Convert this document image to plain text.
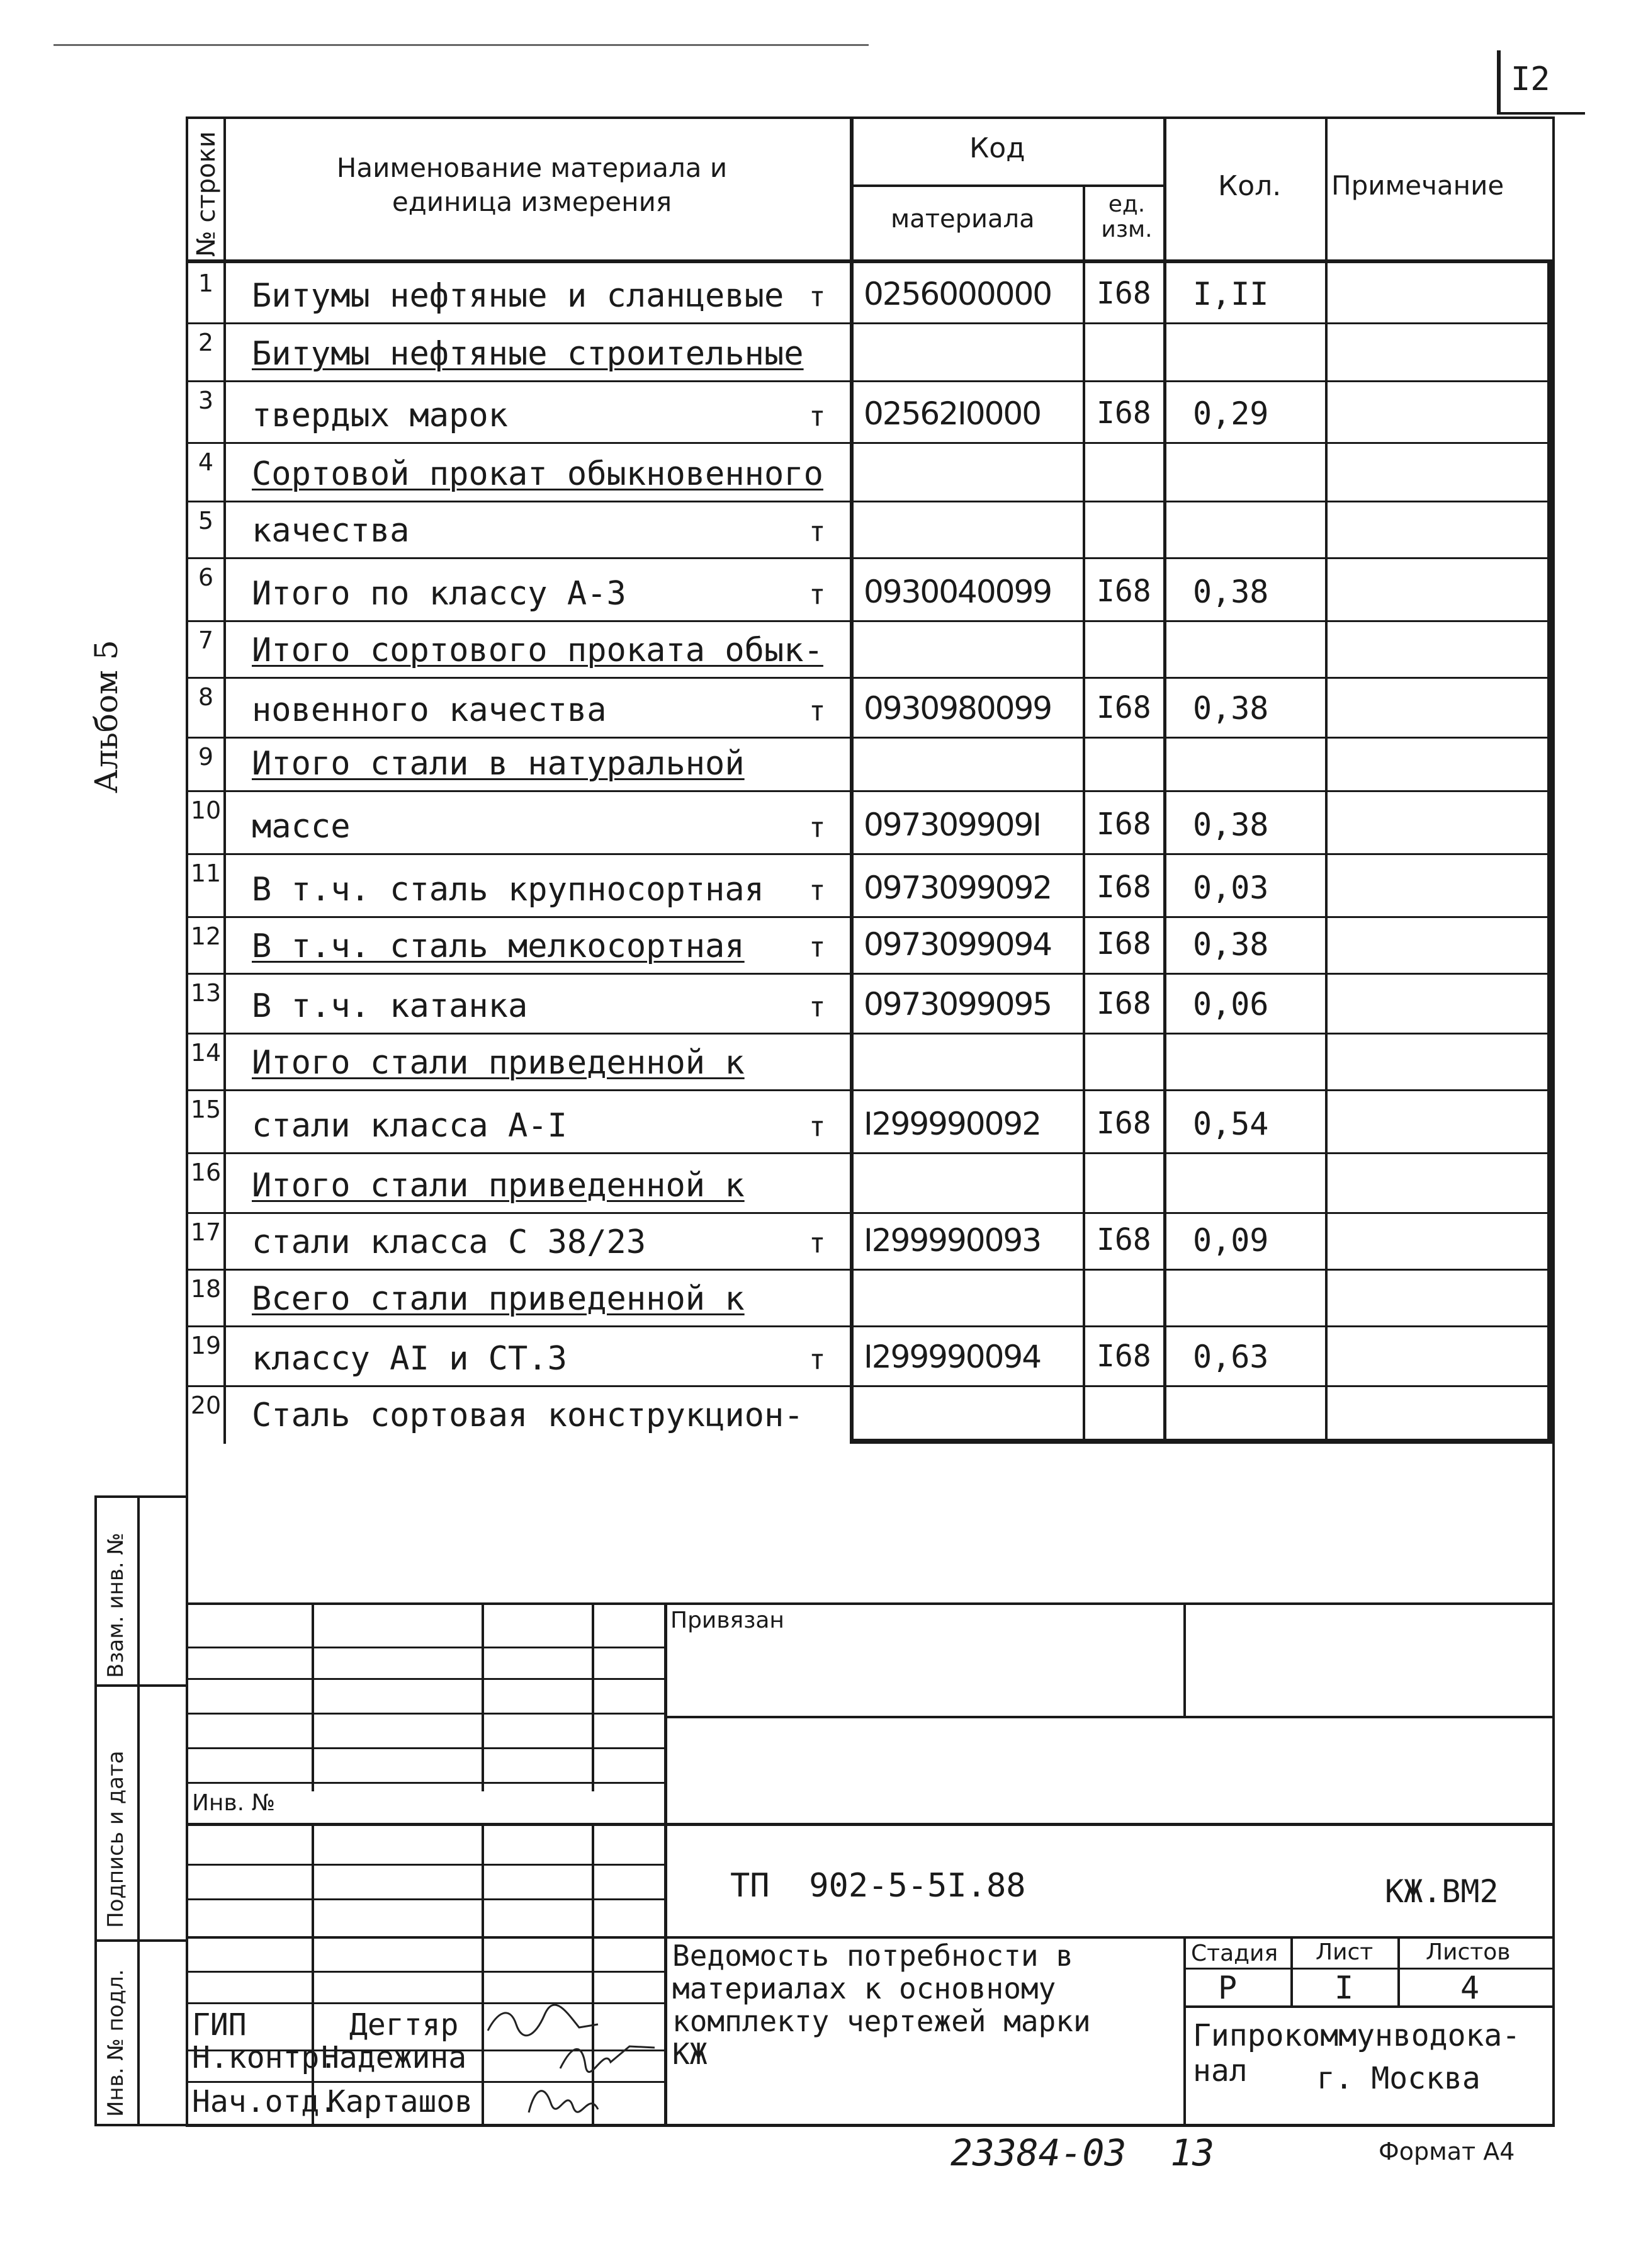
I2
Альбом 5
№ строки	Наименование материала и единица измерения
Код
материала
ед. изм.
Кол. Примечание
1 Битумы нефтяные и сланцевые т 0256000000 I68 I,II
2 Битумы нефтяные строительные
3 твердых марок	т 02562I0000 I68 0,29
4 Сортовой прокат обыкновенного
5 качества	т
6 Итого по классу А-3	т 0930040099 I68 0,38
7 Итого сортового проката обык-
8 новенного качества	т 0930980099 I68 0,38
9 Итого стали в натуральной
10 массе	т 097309909I I68 0,38
11 В т.ч. сталь крупносортная т 0973099092 I68 0,03
12 В т.ч. сталь мелкосортная т 0973099094 I68 0,38
13 В т.ч. катанка	т 0973099095 I68 0,06
14 Итого стали приведенной к
15 стали класса А-I	т I299990092 I68 0,54
16 Итого стали приведенной к
17 стали класса С 38/23	т I299990093 I68 0,09
18 Всего стали приведенной к
19 классу АI и СТ.3	т I299990094 I68 0,63
20 Сталь сортовая конструкцион-
Взам. инв. №
Подпись и дата
Инв. № подл.
Привязан
Инв. №
ТП  902-5-5I.88	КЖ.ВМ2
Ведомость потребности в
материалах к основному
комплекту чертежей марки
КЖ
Стадия Лист Листов
Р	I	4
Гипрокоммунводока-
нал г. Москва
ГИП	Дегтяр
Н.контр.
Надежина
Нач.отд.
Карташов
23384-03  13	Формат А4
